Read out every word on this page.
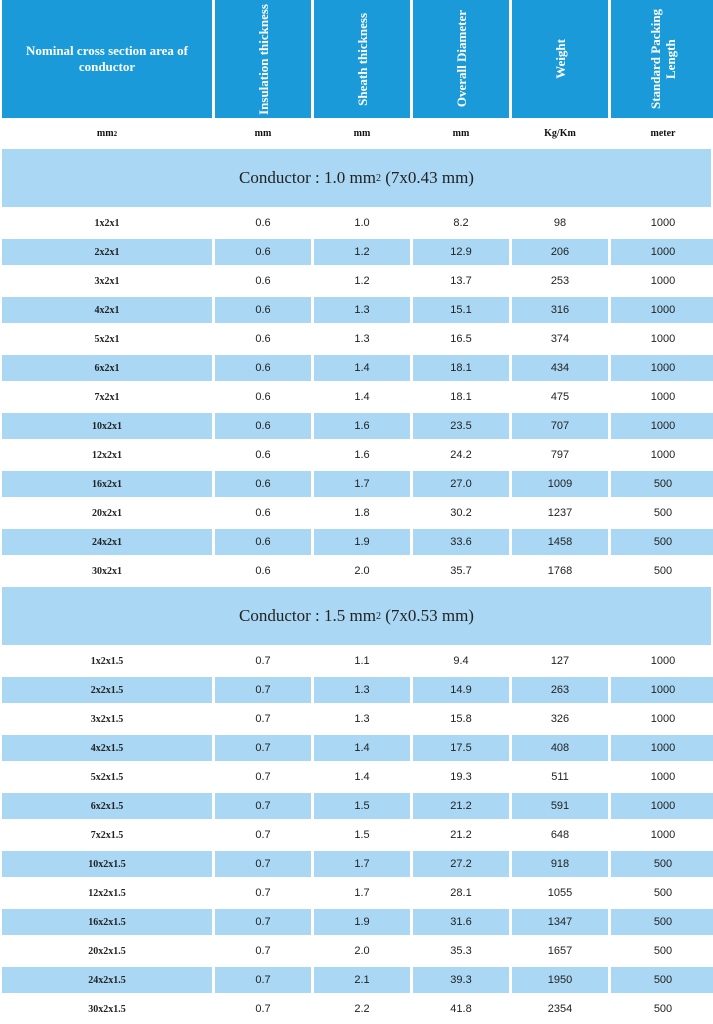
Nominal cross section area of conductor	Insulation thickness	Sheath thickness	Overall Diameter	Weight	Standard Packing Length
mm 2	mm	mm	mm	Kg/Km	meter
Conductor : 1.0 mm 2 (7x0.43 mm)
1x2x1	0.6	1.0	8.2	98	1000
2x2x1	0.6	1.2	12.9	206	1000
3x2x1	0.6	1.2	13.7	253	1000
4x2x1	0.6	1.3	15.1	316	1000
5x2x1	0.6	1.3	16.5	374	1000
6x2x1	0.6	1.4	18.1	434	1000
7x2x1	0.6	1.4	18.1	475	1000
10x2x1	0.6	1.6	23.5	707	1000
12x2x1	0.6	1.6	24.2	797	1000
16x2x1	0.6	1.7	27.0	1009	500
20x2x1	0.6	1.8	30.2	1237	500
24x2x1	0.6	1.9	33.6	1458	500
30x2x1	0.6	2.0	35.7	1768	500
Conductor : 1.5 mm 2 (7x0.53 mm)
1x2x1.5	0.7	1.1	9.4	127	1000
2x2x1.5	0.7	1.3	14.9	263	1000
3x2x1.5	0.7	1.3	15.8	326	1000
4x2x1.5	0.7	1.4	17.5	408	1000
5x2x1.5	0.7	1.4	19.3	511	1000
6x2x1.5	0.7	1.5	21.2	591	1000
7x2x1.5	0.7	1.5	21.2	648	1000
10x2x1.5	0.7	1.7	27.2	918	500
12x2x1.5	0.7	1.7	28.1	1055	500
16x2x1.5	0.7	1.9	31.6	1347	500
20x2x1.5	0.7	2.0	35.3	1657	500
24x2x1.5	0.7	2.1	39.3	1950	500
30x2x1.5	0.7	2.2	41.8	2354	500
